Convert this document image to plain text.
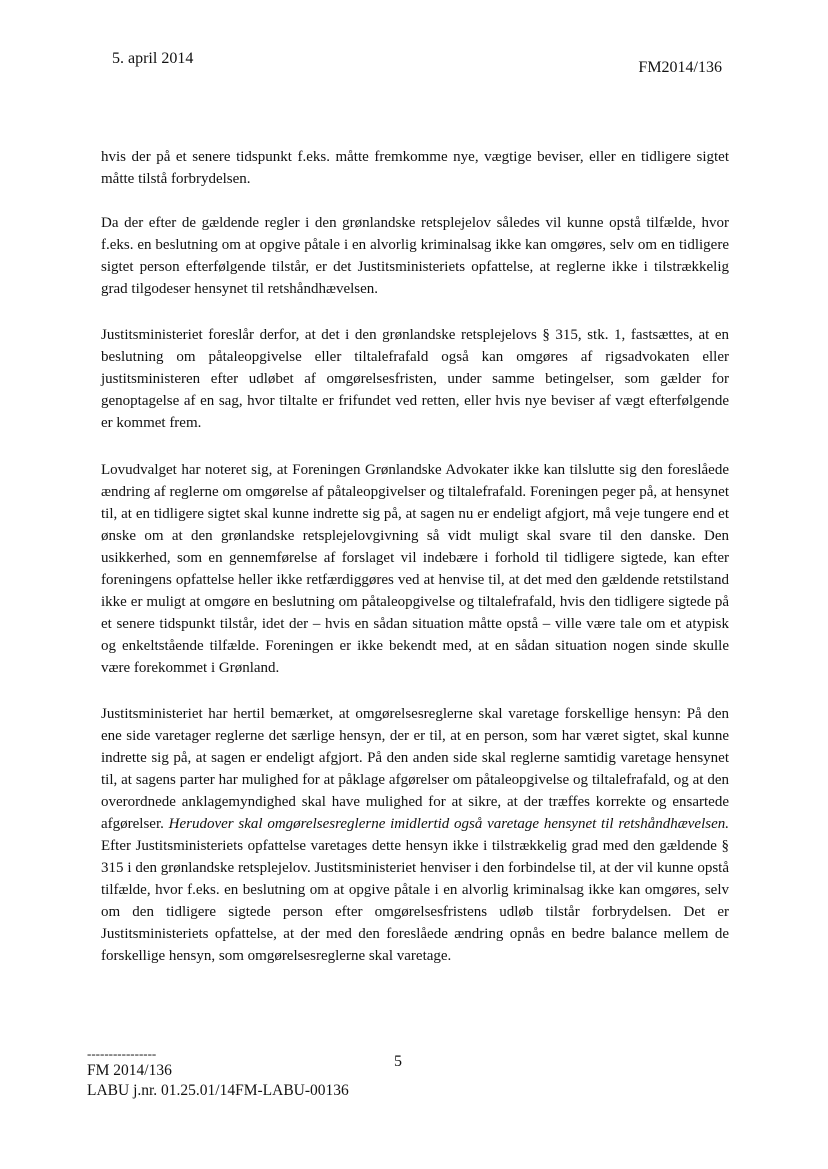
5. april 2014
FM2014/136

hvis der på et senere tidspunkt f.eks. måtte fremkomme nye, vægtige beviser, eller en tidligere sigtet måtte tilstå forbrydelsen.

Da der efter de gældende regler i den grønlandske retsplejelov således vil kunne opstå tilfælde, hvor f.eks. en beslutning om at opgive påtale i en alvorlig kriminalsag ikke kan omgøres, selv om en tidligere sigtet person efterfølgende tilstår, er det Justitsministeriets opfattelse, at reglerne ikke i tilstrækkelig grad tilgodeser hensynet til retshåndhævelsen.

Justitsministeriet foreslår derfor, at det i den grønlandske retsplejelovs § 315, stk. 1, fastsættes, at en beslutning om påtaleopgivelse eller tiltalefrafald også kan omgøres af rigsadvokaten eller justitsministeren efter udløbet af omgørelsesfristen, under samme betingelser, som gælder for genoptagelse af en sag, hvor tiltalte er frifundet ved retten, eller hvis nye beviser af vægt efterfølgende er kommet frem.

Lovudvalget har noteret sig, at Foreningen Grønlandske Advokater ikke kan tilslutte sig den foreslåede ændring af reglerne om omgørelse af påtaleopgivelser og tiltalefrafald. Foreningen peger på, at hensynet til, at en tidligere sigtet skal kunne indrette sig på, at sagen nu er endeligt afgjort, må veje tungere end et ønske om at den grønlandske retsplejelovgivning så vidt muligt skal svare til den danske. Den usikkerhed, som en gennemførelse af forslaget vil indebære i forhold til tidligere sigtede, kan efter foreningens opfattelse heller ikke retfærdiggøres ved at henvise til, at det med den gældende retstilstand ikke er muligt at omgøre en beslutning om påtaleopgivelse og tiltalefrafald, hvis den tidligere sigtede på et senere tidspunkt tilstår, idet der – hvis en sådan situation måtte opstå – ville være tale om et atypisk og enkeltstående tilfælde. Foreningen er ikke bekendt med, at en sådan situation nogen sinde skulle være forekommet i Grønland.

Justitsministeriet har hertil bemærket, at omgørelsesreglerne skal varetage forskellige hensyn: På den ene side varetager reglerne det særlige hensyn, der er til, at en person, som har været sigtet, skal kunne indrette sig på, at sagen er endeligt afgjort. På den anden side skal reglerne samtidig varetage hensynet til, at sagens parter har mulighed for at påklage afgørelser om påtaleopgivelse og tiltalefrafald, og at den overordnede anklagemyndighed skal have mulighed for at sikre, at der træffes korrekte og ensartede afgørelser. Herudover skal omgørelsesreglerne imidlertid også varetage hensynet til retshåndhævelsen. Efter Justitsministeriets opfattelse varetages dette hensyn ikke i tilstrækkelig grad med den gældende § 315 i den grønlandske retsplejelov. Justitsministeriet henviser i den forbindelse til, at der vil kunne opstå tilfælde, hvor f.eks. en beslutning om at opgive påtale i en alvorlig kriminalsag ikke kan omgøres, selv om den tidligere sigtede person efter omgørelsesfristens udløb tilstår forbrydelsen. Det er Justitsministeriets opfattelse, at der med den foreslåede ændring opnås en bedre balance mellem de forskellige hensyn, som omgørelsesreglerne skal varetage.

----------------
FM 2014/136
LABU j.nr. 01.25.01/14FM-LABU-00136
5
